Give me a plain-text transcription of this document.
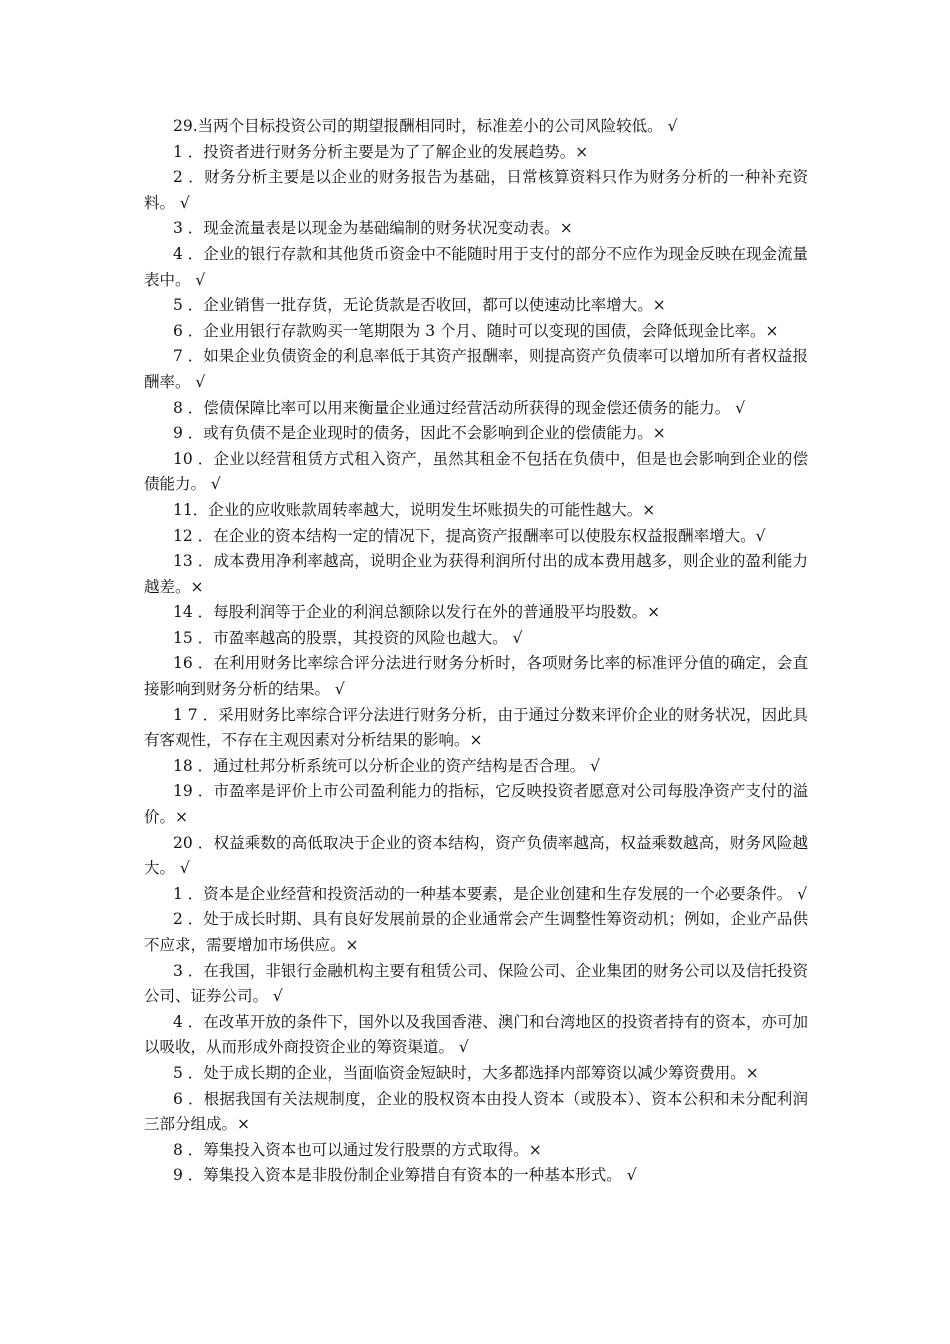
29.当两个目标投资公司的期望报酬相同时，标准差小的公司风险较低。 √

1 ．投资者进行财务分析主要是为了了解企业的发展趋势。×

2 ．财务分析主要是以企业的财务报告为基础，日常核算资料只作为财务分析的一种补充资料。 √

3 ．现金流量表是以现金为基础编制的财务状况变动表。×

4 ．企业的银行存款和其他货币资金中不能随时用于支付的部分不应作为现金反映在现金流量表中。 √

5 ．企业销售一批存货，无论货款是否收回，都可以使速动比率增大。×

6 ．企业用银行存款购买一笔期限为 3 个月、随时可以变现的国债，会降低现金比率。×

7 ．如果企业负债资金的利息率低于其资产报酬率，则提高资产负债率可以增加所有者权益报酬率。 √

8 ．偿债保障比率可以用来衡量企业通过经营活动所获得的现金偿还债务的能力。 √

9 ．或有负债不是企业现时的债务，因此不会影响到企业的偿债能力。×

10 ．企业以经营租赁方式租入资产，虽然其租金不包括在负债中，但是也会影响到企业的偿债能力。 √

11．企业的应收账款周转率越大，说明发生坏账损失的可能性越大。×

12 ．在企业的资本结构一定的情况下，提高资产报酬率可以使股东权益报酬率增大。√

13 ．成本费用净利率越高，说明企业为获得利润所付出的成本费用越多，则企业的盈利能力越差。×

14 ．每股利润等于企业的利润总额除以发行在外的普通股平均股数。×

15 ．市盈率越高的股票，其投资的风险也越大。 √

16 ．在利用财务比率综合评分法进行财务分析时，各项财务比率的标准评分值的确定，会直接影响到财务分析的结果。 √

1 7 ．采用财务比率综合评分法进行财务分析，由于通过分数来评价企业的财务状况，因此具有客观性，不存在主观因素对分析结果的影响。×

18 ．通过杜邦分析系统可以分析企业的资产结构是否合理。 √

19 ．市盈率是评价上市公司盈利能力的指标，它反映投资者愿意对公司每股净资产支付的溢价。×

20 ．权益乘数的高低取决于企业的资本结构，资产负债率越高，权益乘数越高，财务风险越大。 √

1 ．资本是企业经营和投资活动的一种基本要素，是企业创建和生存发展的一个必要条件。 √

2 ．处于成长时期、具有良好发展前景的企业通常会产生调整性筹资动机；例如，企业产品供不应求，需要增加市场供应。×

3 ．在我国，非银行金融机构主要有租赁公司、保险公司、企业集团的财务公司以及信托投资公司、证券公司。 √

4 ．在改革开放的条件下，国外以及我国香港、澳门和台湾地区的投资者持有的资本，亦可加以吸收，从而形成外商投资企业的筹资渠道。 √

5 ．处于成长期的企业，当面临资金短缺时，大多都选择内部筹资以减少筹资费用。×

6 ．根据我国有关法规制度，企业的股权资本由投人资本（或股本）、资本公积和未分配利润三部分组成。×

8 ．筹集投入资本也可以通过发行股票的方式取得。×

9 ．筹集投入资本是非股份制企业筹措自有资本的一种基本形式。 √
